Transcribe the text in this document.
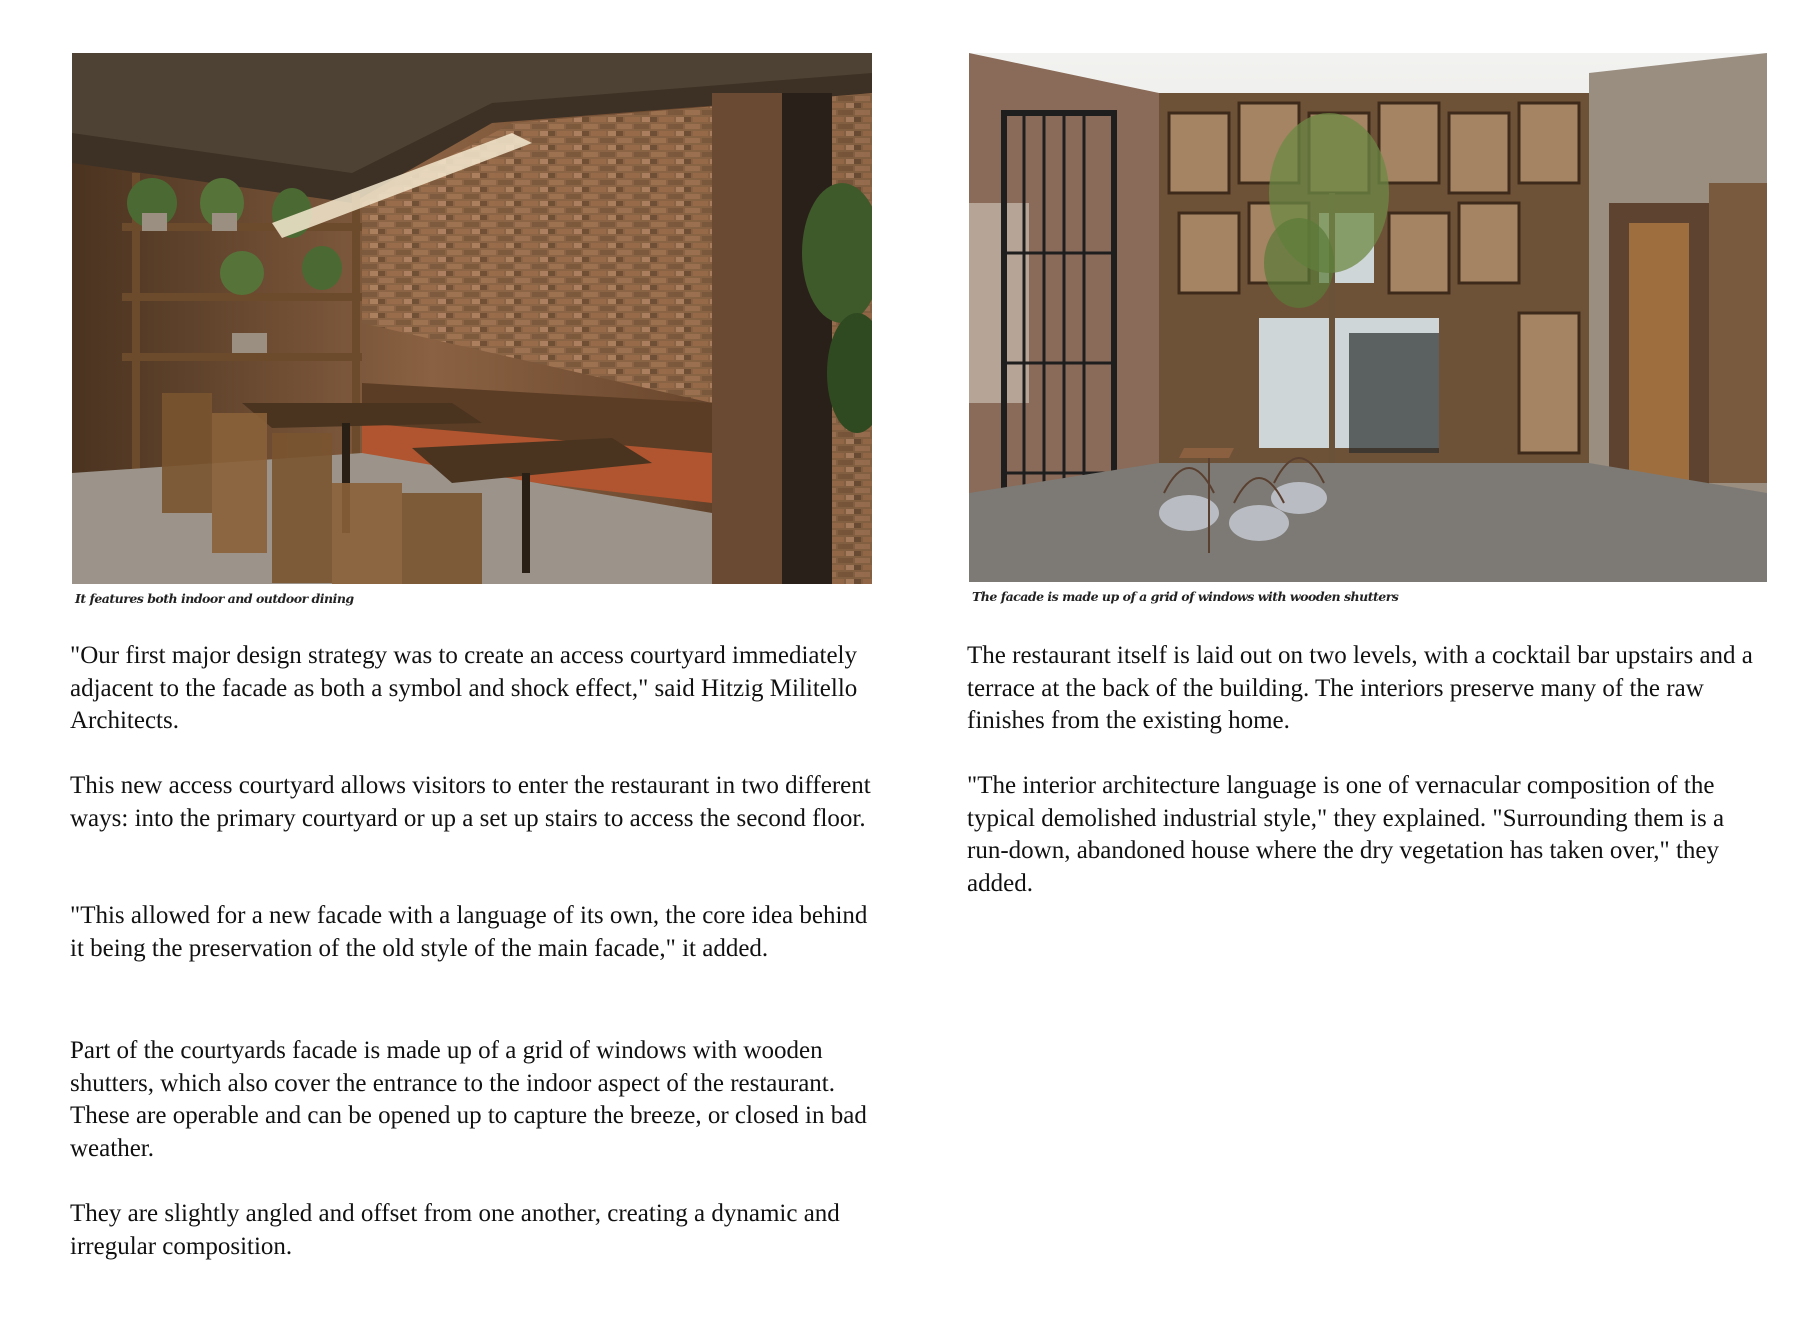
It features both indoor and outdoor dining

"Our first major design strategy was to create an access courtyard immediately adjacent to the facade as both a symbol and shock effect," said Hitzig Militello Architects.

This new access courtyard allows visitors to enter the restaurant in two different ways: into the primary courtyard or up a set up stairs to access the second floor.

"This allowed for a new facade with a language of its own, the core idea behind it being the preservation of the old style of the main facade," it added.

Part of the courtyards facade is made up of a grid of windows with wooden shutters, which also cover the entrance to the indoor aspect of the restaurant. These are operable and can be opened up to capture the breeze, or closed in bad weather.

They are slightly angled and offset from one another, creating a dynamic and irregular composition.

The facade is made up of a grid of windows with wooden shutters

The restaurant itself is laid out on two levels, with a cocktail bar upstairs and a terrace at the back of the building. The interiors preserve many of the raw finishes from the existing home.

"The interior architecture language is one of vernacular composition of the typical demolished industrial style," they explained. "Surrounding them is a run-down, abandoned house where the dry vegetation has taken over," they added.
